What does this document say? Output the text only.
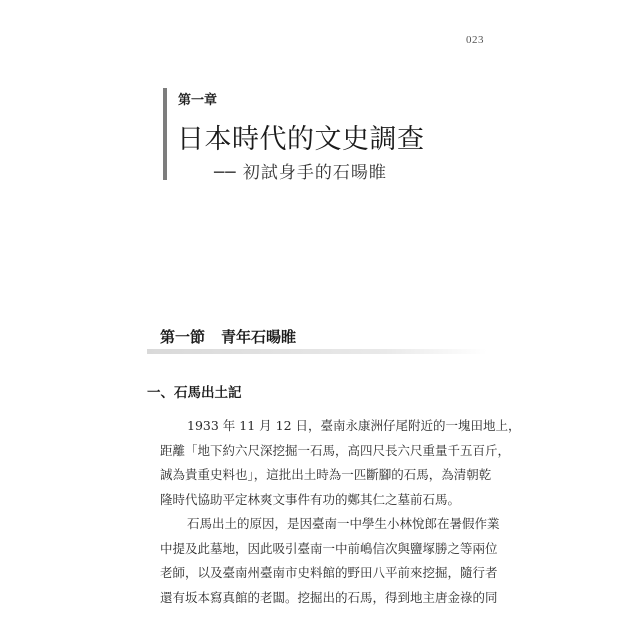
023
第一章
日本時代的文史調查
── 初試身手的石暘睢
第一節 青年石暘睢
一、石馬出土記

1933 年 11 月 12 日，臺南永康洲仔尾附近的一塊田地上，

距離「地下約六尺深挖掘一石馬，高四尺長六尺重量千五百斤，

誠為貴重史料也」，這批出土時為一匹斷腳的石馬，為清朝乾

隆時代協助平定林爽文事件有功的鄭其仁之墓前石馬。

石馬出土的原因，是因臺南一中學生小林悅郎在暑假作業

中提及此墓地，因此吸引臺南一中前嶋信次與鹽塚勝之等兩位

老師，以及臺南州臺南市史料館的野田八平前來挖掘，隨行者

還有坂本寫真館的老闆。挖掘出的石馬，得到地主唐金祿的同
